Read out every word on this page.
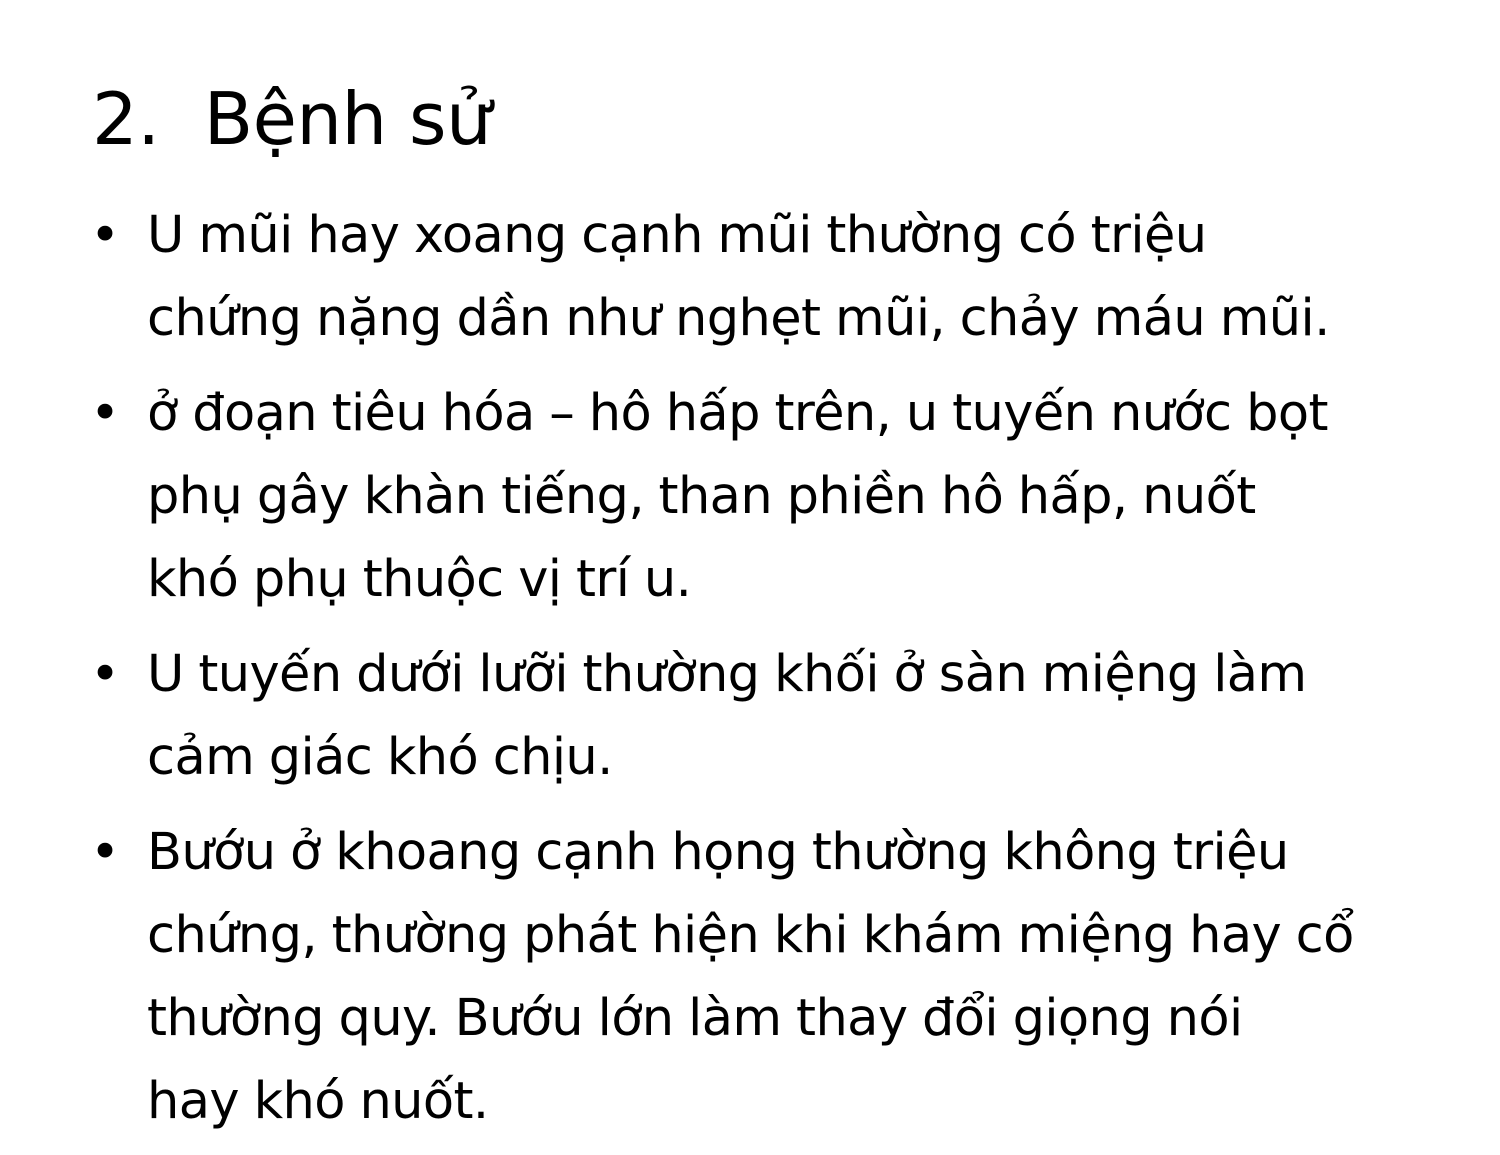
2. Bệnh sử
• U mũi hay xoang cạnh mũi thường có triệu
chứng nặng dần như nghẹt mũi, chảy máu mũi.
• ở đoạn tiêu hóa – hô hấp trên, u tuyến nước bọt
phụ gây khàn tiếng, than phiền hô hấp, nuốt
khó phụ thuộc vị trí u.
• U tuyến dưới lưỡi thường khối ở sàn miệng làm
cảm giác khó chịu.
• Bướu ở khoang cạnh họng thường không triệu
chứng, thường phát hiện khi khám miệng hay cổ
thường quy. Bướu lớn làm thay đổi giọng nói
hay khó nuốt.
